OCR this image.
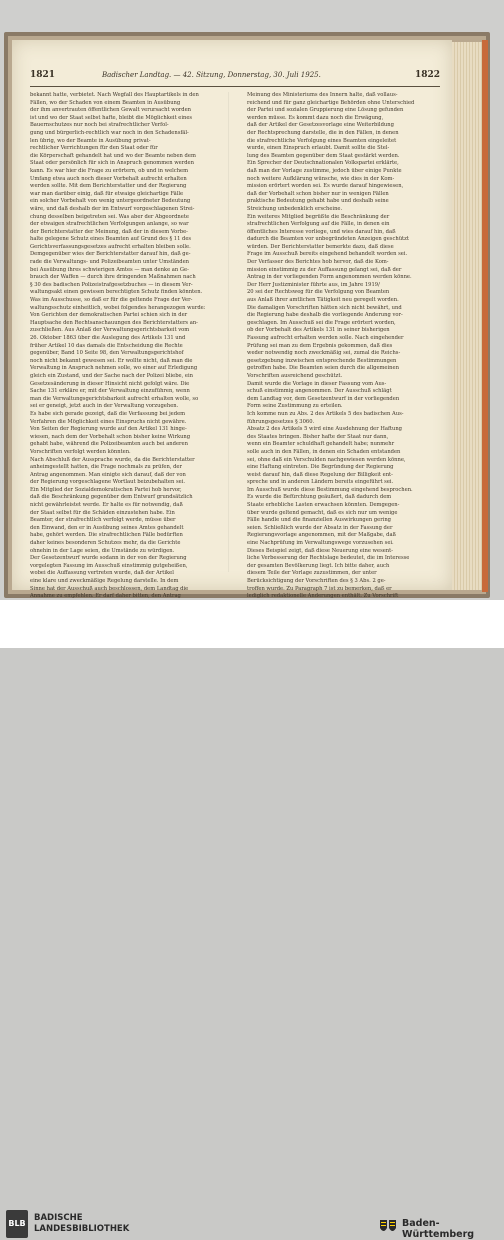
1821	Badischer Landtag. — 42. Sitzung, Donnerstag, 30. Juli 1925.	1822
bekannt hatte, verbietet. Nach Wegfall des Hauptartikels in den
Fällen, wo der Schaden von einem Beamten in Ausübung
der ihm anvertrauten öffentlichen Gewalt verursacht worden
ist und wo der Staat selbst hafte, bleibt die Möglichkeit eines
Bauernschutzes nur noch bei strafrechtlicher Verfol-
gung und bürgerlich-rechtlich war noch in den Schadensfäl-
len übrig, wo der Beamte in Ausübung privat-
rechtlicher Verrichtungen für den Staat oder für
die Körperschaft gehandelt hat und wo der Beamte neben dem
Staat oder persönlich für sich in Anspruch genommen werden
kann. Es war hier die Frage zu erörtern, ob und in welchem
Umfang etwa auch noch dieser Vorbehalt aufrecht erhalten
werden sollte. Mit dem Berichterstatter und der Regierung
war man darüber einig, daß für etwaige gleichartige Fälle
ein solcher Vorbehalt von wenig untergeordneter Bedeutung
wäre, und daß deshalb der im Entwurf vorgeschlagenen Strei-
chung desselben beigetreten sei. Was aber der Abgeordnete
der etwaigen strafrechtlichen Verfolgungen anlange, so war
der Berichterstatter der Meinung, daß der in diesem Vorbe-
halte gelegene Schutz eines Beamten auf Grund des § 11 des
Gerichtsverfassungsgesetzes aufrecht erhalten bleiben solle.
Demgegenüber wies der Berichterstatter darauf hin, daß ge-
rade die Verwaltungs- und Polizeibeamten unter Umständen
bei Ausübung ihres schwierigen Amtes — man denke an Ge-
brauch der Waffen — durch ihre dringenden Maßnahmen nach
§ 30 des badischen Polizeistrafgesetzbuches — in diesem Ver-
waltungsakt einen gewissen berechtigten Schutz finden könnten.
Was im Ausschusse, so daß er für die geltende Frage der Ver-
waltungsschutz einheitlich, wobei folgendes herangezogen wurde:
Von Gerichten der demokratischen Partei schien sich in der
Hauptsache den Rechtsanschauungen des Berichterstatters an-
zuschließen. Aus Anlaß der Verwaltungsgerichtsbarkeit vom
26. Oktober 1863 über die Auslegung des Artikels 131 und
früher Artikel 10 das damals die Entscheidung die Rechte
gegenüber, Band 10 Seite 98, den Verwaltungsgerichtshof
noch nicht bekannt gewesen sei. Er wollte nicht, daß man die
Verwaltung in Anspruch nehmen solle, wo einer auf Erledigung
gleich ein Zustand, und der Sache nach der Polizei bliebe, ein
Gesetzesänderung in dieser Hinsicht nicht gefolgt wäre. Die
Sache 131 erkläre er, mit der Verwaltung einzuführen, wenn
man die Verwaltungsgerichtsbarkeit aufrecht erhalten wolle, so
sei er geneigt, jetzt auch in der Verwaltung vorzugehen.
Es habe sich gerade gezeigt, daß die Verfassung bei jedem
Verfahren die Möglichkeit eines Einspruchs nicht gewähre.
Von Seiten der Regierung wurde auf den Artikel 131 hinge-
wiesen, nach dem der Vorbehalt schon bisher keine Wirkung
gehabt habe, während die Polizeibeamten auch bei anderen
Vorschriften verfolgt werden könnten.
Nach Abschluß der Aussprache wurde, da die Berichterstatter
anheimgestellt hatten, die Frage nochmals zu prüfen, der
Antrag angenommen. Man einigte sich darauf, daß der von
der Regierung vorgeschlagene Wortlaut beizubehalten sei.
Ein Mitglied der Sozialdemokratischen Partei hob hervor,
daß die Beschränkung gegenüber dem Entwurf grundsätzlich
nicht gewährleistet werde. Er halte es für notwendig, daß
der Staat selbst für die Schäden einzustehen habe. Ein
Beamter, der strafrechtlich verfolgt werde, müsse über
den Einwand, den er in Ausübung seines Amtes gehandelt
habe, gehört werden. Die strafrechtlichen Fälle bedürften
daher keines besonderen Schutzes mehr, da die Gerichte
ohnehin in der Lage seien, die Umstände zu würdigen.
Der Gesetzentwurf wurde sodann in der von der Regierung
vorgelegten Fassung im Ausschuß einstimmig gutgeheißen,
wobei die Auffassung vertreten wurde, daß der Artikel
eine klare und zweckmäßige Regelung darstelle. In dem
Sinne hat der Ausschuß auch beschlossen, dem Landtag die
Annahme zu empfehlen. Er darf daher bitten, den Antrag
Meinung des Ministeriums des Innern halte, daß vollaus-
reichend und für ganz gleichartige Behörden ohne Unterschied
der Partei und sozialen Gruppierung eine Lösung gefunden
werden müsse. Es kommt dazu noch die Erwägung,
daß der Artikel der Gesetzesvorlage eine Weiterbildung
der Rechtsprechung darstelle, die in den Fällen, in denen
die strafrechtliche Verfolgung eines Beamten eingeleitet
wurde, einen Einspruch erlaubt. Damit sollte die Stel-
lung des Beamten gegenüber dem Staat gestärkt werden.
Ein Sprecher der Deutschnationalen Volkspartei erklärte,
daß man der Vorlage zustimme, jedoch über einige Punkte
noch weitere Aufklärung wünsche, wie dies in der Kom-
mission erörtert worden sei. Es wurde darauf hingewiesen,
daß der Vorbehalt schon bisher nur in wenigen Fällen
praktische Bedeutung gehabt habe und deshalb seine
Streichung unbedenklich erscheine.
Ein weiteres Mitglied begrüßte die Beschränkung der
strafrechtlichen Verfolgung auf die Fälle, in denen ein
öffentliches Interesse vorliege, und wies darauf hin, daß
dadurch die Beamten vor unbegründeten Anzeigen geschützt
würden. Der Berichterstatter bemerkte dazu, daß diese
Frage im Ausschuß bereits eingehend behandelt worden sei.
Der Verfasser des Berichtes hob hervor, daß die Kom-
mission einstimmig zu der Auffassung gelangt sei, daß der
Antrag in der vorliegenden Form angenommen werden könne.
Der Herr Justizminister führte aus, im Jahre 1919/
20 sei der Rechtsweg für die Verfolgung von Beamten
aus Anlaß ihrer amtlichen Tätigkeit neu geregelt worden.
Die damaligen Vorschriften hätten sich nicht bewährt, und
die Regierung habe deshalb die vorliegende Änderung vor-
geschlagen. Im Ausschuß sei die Frage erörtert worden,
ob der Vorbehalt des Artikels 131 in seiner bisherigen
Fassung aufrecht erhalten werden solle. Nach eingehender
Prüfung sei man zu dem Ergebnis gekommen, daß dies
weder notwendig noch zweckmäßig sei, zumal die Reichs-
gesetzgebung inzwischen entsprechende Bestimmungen
getroffen habe. Die Beamten seien durch die allgemeinen
Vorschriften ausreichend geschützt.
Damit wurde die Vorlage in dieser Fassung vom Aus-
schuß einstimmig angenommen. Der Ausschuß schlägt
dem Landtag vor, dem Gesetzentwurf in der vorliegenden
Form seine Zustimmung zu erteilen.
Ich komme nun zu Abs. 2 des Artikels 5 des badischen Aus-
führungsgesetzes § 3060.
Absatz 2 des Artikels 5 wird eine Ausdehnung der Haftung
des Staates bringen. Bisher hafte der Staat nur dann,
wenn ein Beamter schuldhaft gehandelt habe; nunmehr
solle auch in den Fällen, in denen ein Schaden entstanden
sei, ohne daß ein Verschulden nachgewiesen werden könne,
eine Haftung eintreten. Die Begründung der Regierung
weist darauf hin, daß diese Regelung der Billigkeit ent-
spreche und in anderen Ländern bereits eingeführt sei.
Im Ausschuß wurde diese Bestimmung eingehend besprochen.
Es wurde die Befürchtung geäußert, daß dadurch dem
Staate erhebliche Lasten erwachsen könnten. Demgegen-
über wurde geltend gemacht, daß es sich nur um wenige
Fälle handle und die finanziellen Auswirkungen gering
seien. Schließlich wurde der Absatz in der Fassung der
Regierungsvorlage angenommen, mit der Maßgabe, daß
eine Nachprüfung im Verwaltungswege vorzusehen sei.
Dieses Beispiel zeigt, daß diese Neuerung eine wesent-
liche Verbesserung der Rechtslage bedeutet, die im Interesse
der gesamten Bevölkerung liegt. Ich bitte daher, auch
diesem Teile der Vorlage zuzustimmen, der unter
Berücksichtigung der Vorschriften des § 3 Abs. 2 ge-
troffen wurde. Zu Paragraph 7 ist zu bemerken, daß er
lediglich redaktionelle Änderungen enthält. Zu Vorschrift
BLB
BADISCHE
LANDESBIBLIOTHEK	Baden-Württemberg
